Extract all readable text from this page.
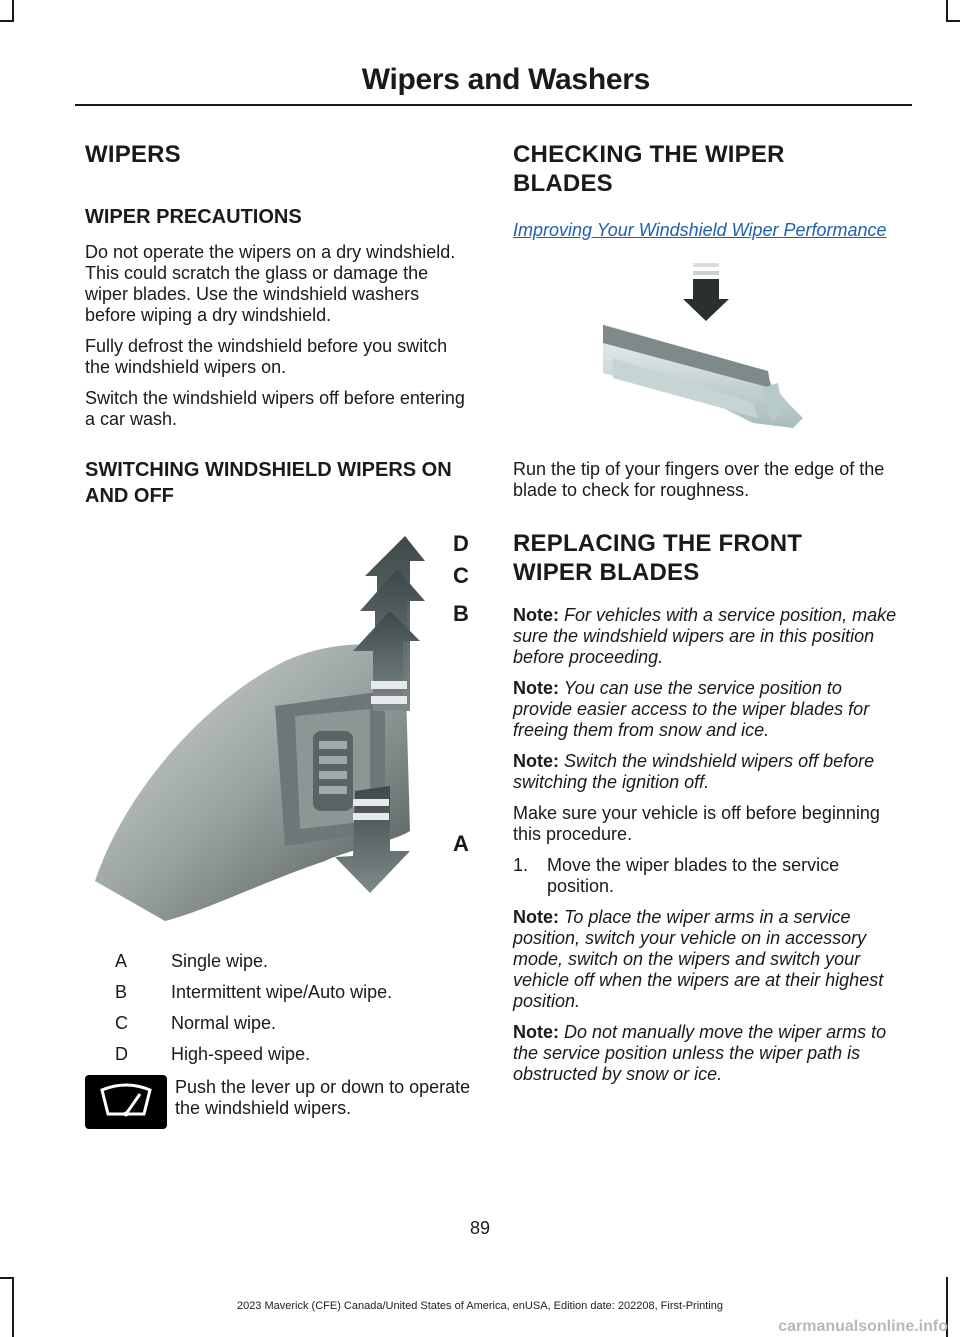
Wipers and Washers
WIPERS
WIPER PRECAUTIONS

Do not operate the wipers on a dry windshield. This could scratch the glass or damage the wiper blades. Use the windshield washers before wiping a dry windshield.

Fully defrost the windshield before you switch the windshield wipers on.

Switch the windshield wipers off before entering a car wash.

SWITCHING WINDSHIELD WIPERS ON AND OFF
D
C
B
A
A	Single wipe.
B	Intermittent wipe/Auto wipe.
C	Normal wipe.
D	High-speed wipe.

Push the lever up or down to operate the windshield wipers.

CHECKING THE WIPER BLADES
Improving Your Windshield Wiper Performance

Run the tip of your fingers over the edge of the blade to check for roughness.

REPLACING THE FRONT WIPER BLADES

Note: For vehicles with a service position, make sure the windshield wipers are in this position before proceeding.

Note: You can use the service position to provide easier access to the wiper blades for freeing them from snow and ice.

Note: Switch the windshield wipers off before switching the ignition off.

Make sure your vehicle is off before beginning this procedure.

1.	Move the wiper blades to the service position.

Note: To place the wiper arms in a service position, switch your vehicle on in accessory mode, switch on the wipers and switch your vehicle off when the wipers are at their highest position.

Note: Do not manually move the wiper arms to the service position unless the wiper path is obstructed by snow or ice.

89
2023 Maverick (CFE) Canada/United States of America, enUSA, Edition date: 202208, First-Printing
carmanualsonline.info
